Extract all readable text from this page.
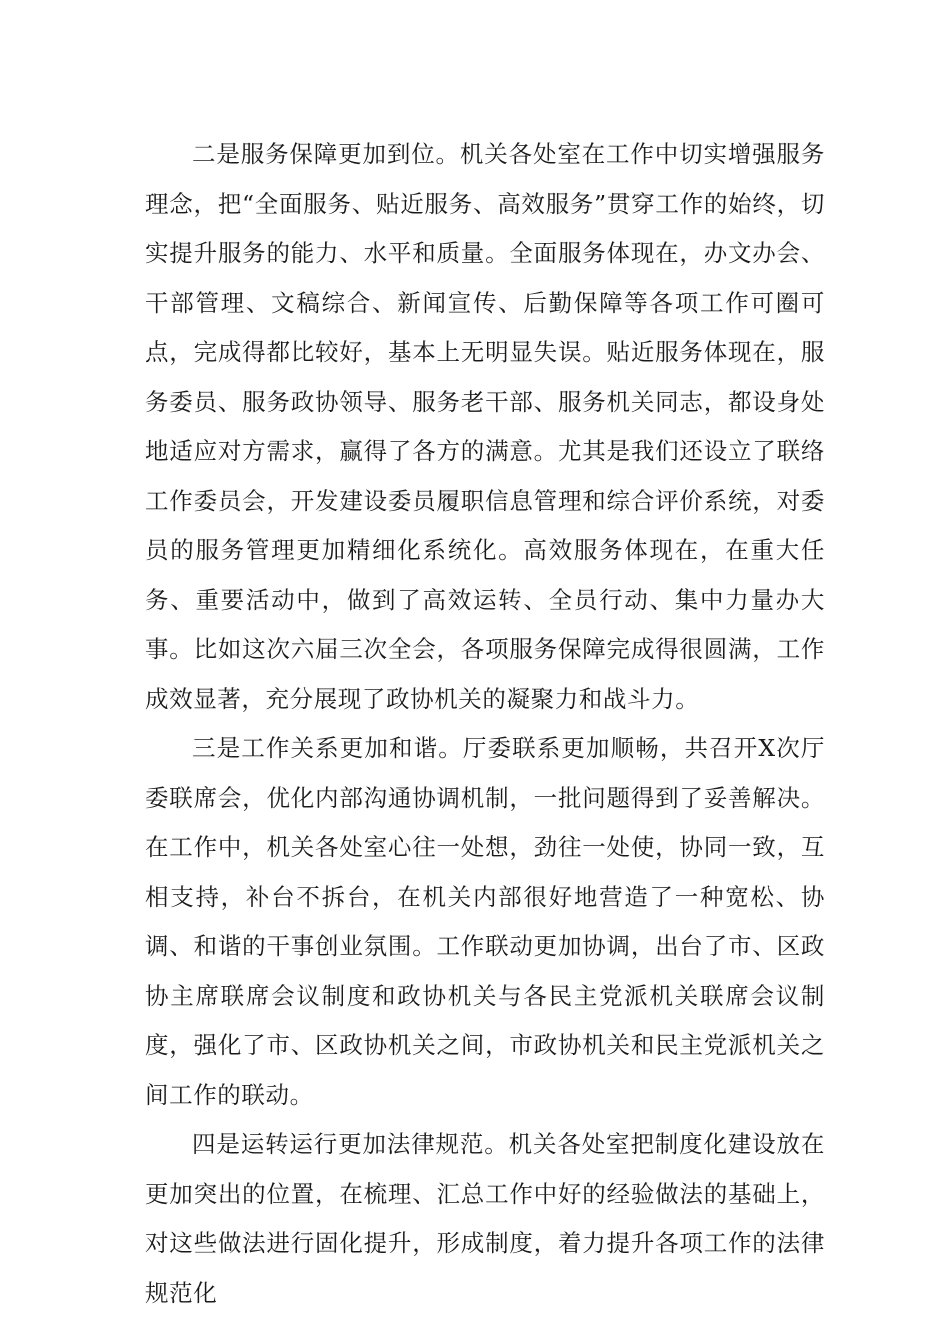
二是服务保障更加到位。机关各处室在工作中切实增强服务理念，把“全面服务、贴近服务、高效服务”贯穿工作的始终，切实提升服务的能力、水平和质量。全面服务体现在，办文办会、干部管理、文稿综合、新闻宣传、后勤保障等各项工作可圈可点，完成得都比较好，基本上无明显失误。贴近服务体现在，服务委员、服务政协领导、服务老干部、服务机关同志，都设身处地适应对方需求，赢得了各方的满意。尤其是我们还设立了联络工作委员会，开发建设委员履职信息管理和综合评价系统，对委员的服务管理更加精细化系统化。高效服务体现在，在重大任务、重要活动中，做到了高效运转、全员行动、集中力量办大事。比如这次六届三次全会，各项服务保障完成得很圆满，工作成效显著，充分展现了政协机关的凝聚力和战斗力。

三是工作关系更加和谐。厅委联系更加顺畅，共召开X次厅委联席会，优化内部沟通协调机制，一批问题得到了妥善解决。在工作中，机关各处室心往一处想，劲往一处使，协同一致，互相支持，补台不拆台，在机关内部很好地营造了一种宽松、协调、和谐的干事创业氛围。工作联动更加协调，出台了市、区政协主席联席会议制度和政协机关与各民主党派机关联席会议制度，强化了市、区政协机关之间，市政协机关和民主党派机关之间工作的联动。

四是运转运行更加法律规范。机关各处室把制度化建设放在更加突出的位置，在梳理、汇总工作中好的经验做法的基础上，对这些做法进行固化提升，形成制度，着力提升各项工作的法律规范化
